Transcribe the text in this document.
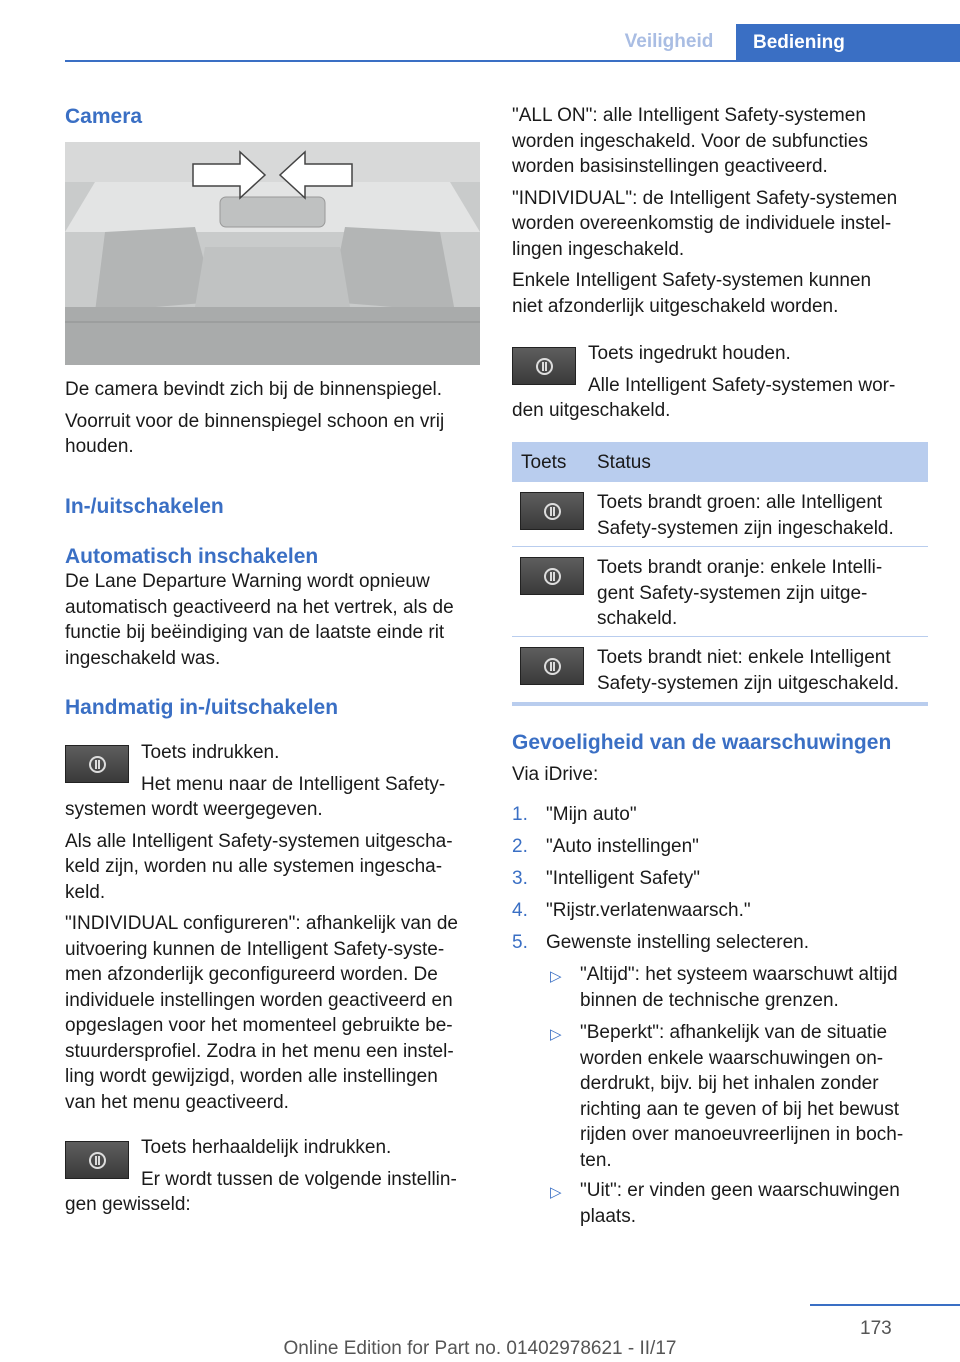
Veiligheid	Bediening

Camera

De camera bevindt zich bij de binnenspiegel.

Voorruit voor de binnenspiegel schoon en vrij

houden.

In-/uitschakelen

Automatisch inschakelen

De Lane Departure Warning wordt opnieuw

automatisch geactiveerd na het vertrek, als de

functie bij beëindiging van de laatste einde rit

ingeschakeld was.

Handmatig in-/uitschakelen

Toets indrukken.

Het menu naar de Intelligent Safety-

systemen wordt weergegeven.

Als alle Intelligent Safety-systemen uitgescha-

keld zijn, worden nu alle systemen ingescha-

keld.

"INDIVIDUAL configureren": afhankelijk van de

uitvoering kunnen de Intelligent Safety-syste-

men afzonderlijk geconfigureerd worden. De

individuele instellingen worden geactiveerd en

opgeslagen voor het momenteel gebruikte be-

stuurdersprofiel. Zodra in het menu een instel-

ling wordt gewijzigd, worden alle instellingen

van het menu geactiveerd.

Toets herhaaldelijk indrukken.

Er wordt tussen de volgende instellin-

gen gewisseld:

"ALL ON": alle Intelligent Safety-systemen

worden ingeschakeld. Voor de subfuncties

worden basisinstellingen geactiveerd.

"INDIVIDUAL": de Intelligent Safety-systemen

worden overeenkomstig de individuele instel-

lingen ingeschakeld.

Enkele Intelligent Safety-systemen kunnen

niet afzonderlijk uitgeschakeld worden.

Toets ingedrukt houden.

Alle Intelligent Safety-systemen wor-

den uitgeschakeld.

Toets Status

Toets brandt groen: alle Intelligent

Safety-systemen zijn ingeschakeld.

Toets brandt oranje: enkele Intelli-

gent Safety-systemen zijn uitge-

schakeld.

Toets brandt niet: enkele Intelligent

Safety-systemen zijn uitgeschakeld.

Gevoeligheid van de waarschuwingen

Via iDrive:

1. "Mijn auto"
2. "Auto instellingen"
3. "Intelligent Safety"
4. "Rijstr.verlatenwaarsch."
5. Gewenste instelling selecteren.
▷ "Altijd": het systeem waarschuwt altijd

binnen de technische grenzen.

▷ "Beperkt": afhankelijk van de situatie

worden enkele waarschuwingen on-

derdrukt, bijv. bij het inhalen zonder

richting aan te geven of bij het bewust

rijden over manoeuvreerlijnen in boch-

ten.

▷ "Uit": er vinden geen waarschuwingen

plaats.

173
Online Edition for Part no. 01402978621 - II/17
